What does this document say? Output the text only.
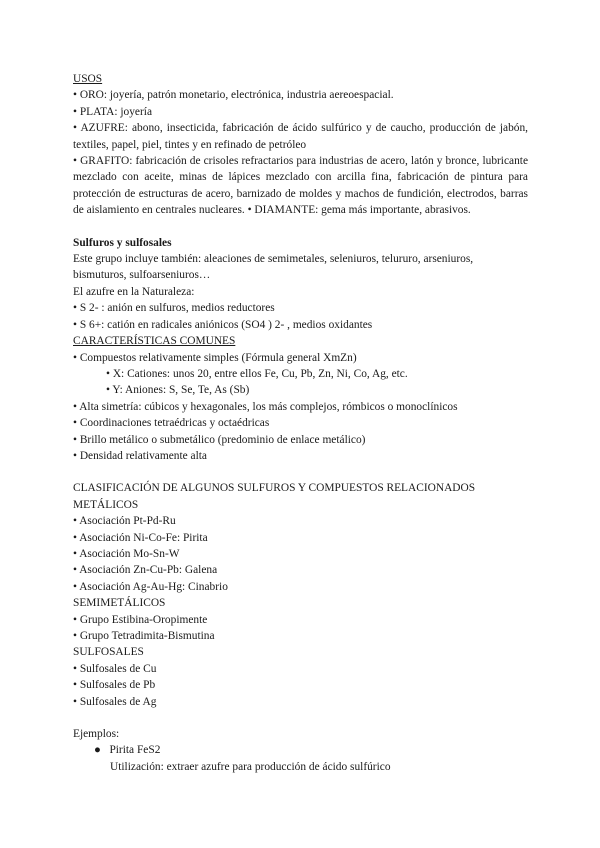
USOS

• ORO: joyería, patrón monetario, electrónica, industria aereoespacial.

• PLATA: joyería

• AZUFRE: abono, insecticida, fabricación de ácido sulfúrico y de caucho, producción de jabón, textiles, papel, piel, tintes y en refinado de petróleo

• GRAFITO: fabricación de crisoles refractarios para industrias de acero, latón y bronce, lubricante mezclado con aceite, minas de lápices mezclado con arcilla fina, fabricación de pintura para protección de estructuras de acero, barnizado de moldes y machos de fundición, electrodos, barras de aislamiento en centrales nucleares. • DIAMANTE: gema más importante, abrasivos.

Sulfuros y sulfosales

Este grupo incluye también: aleaciones de semimetales, seleniuros, telururo, arseniuros, bismuturos, sulfoarseniuros…

El azufre en la Naturaleza:

• S 2- : anión en sulfuros, medios reductores

• S 6+: catión en radicales aniónicos (SO4 ) 2- , medios oxidantes

CARACTERÍSTICAS COMUNES

• Compuestos relativamente simples (Fórmula general XmZn)

• X: Cationes: unos 20, entre ellos Fe, Cu, Pb, Zn, Ni, Co, Ag, etc.

• Y: Aniones: S, Se, Te, As (Sb)

• Alta simetría: cúbicos y hexagonales, los más complejos, rómbicos o monoclínicos

• Coordinaciones tetraédricas y octaédricas

• Brillo metálico o submetálico (predominio de enlace metálico)

• Densidad relativamente alta

CLASIFICACIÓN DE ALGUNOS SULFUROS Y COMPUESTOS RELACIONADOS

METÁLICOS

• Asociación Pt-Pd-Ru

• Asociación Ni-Co-Fe: Pirita

• Asociación Mo-Sn-W

• Asociación Zn-Cu-Pb: Galena

• Asociación Ag-Au-Hg: Cinabrio

SEMIMETÁLICOS

• Grupo Estibina-Oropimente

• Grupo Tetradimita-Bismutina

SULFOSALES

• Sulfosales de Cu

• Sulfosales de Pb

• Sulfosales de Ag

Ejemplos:

● Pirita FeS2

Utilización: extraer azufre para producción de ácido sulfúrico
